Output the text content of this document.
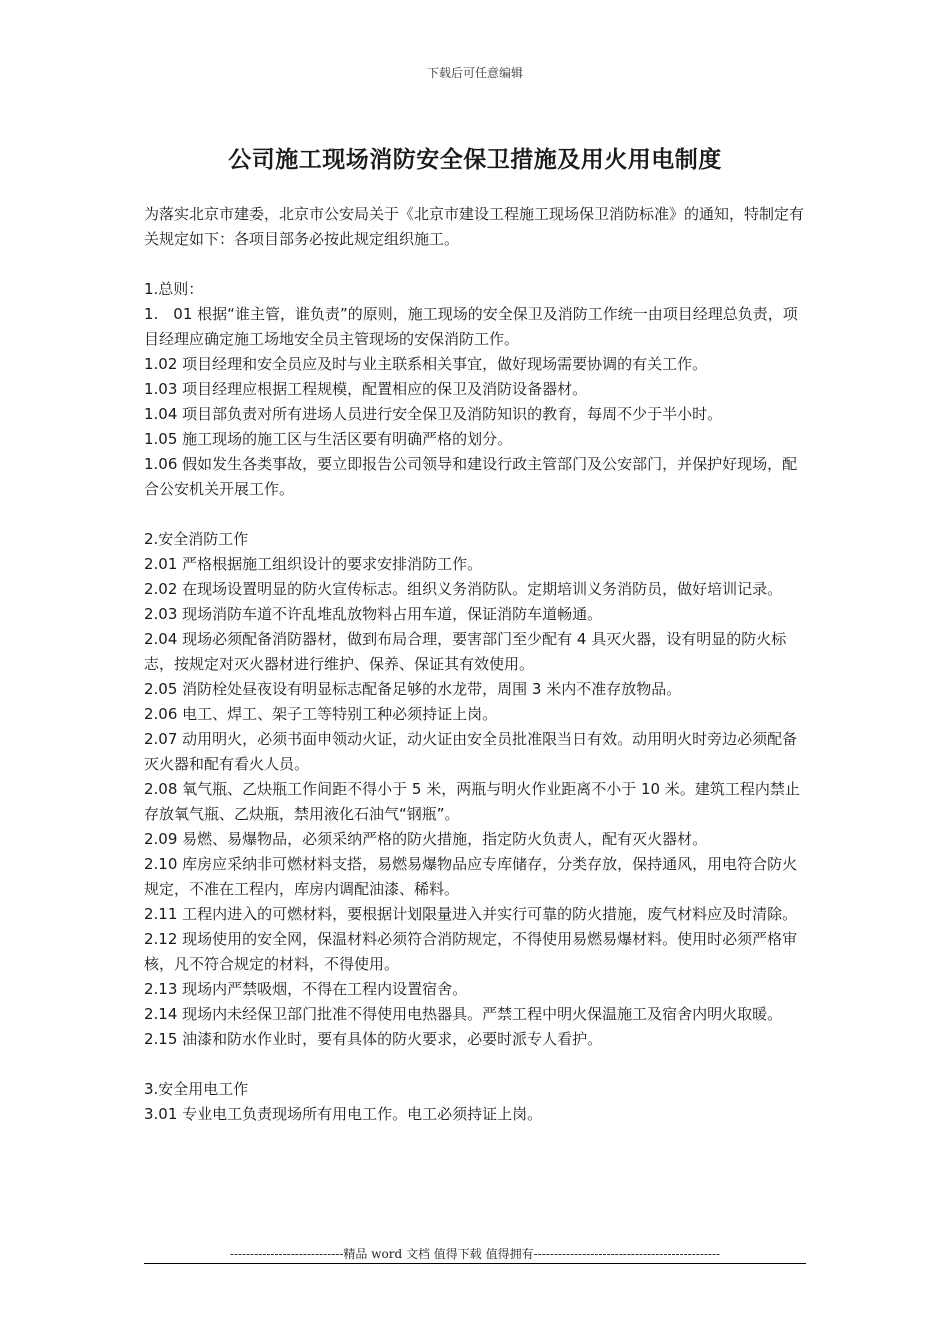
下载后可任意编辑
公司施工现场消防安全保卫措施及用火用电制度

为落实北京市建委，北京市公安局关于《北京市建设工程施工现场保卫消防标准》的通知，特制定有关规定如下：各项目部务必按此规定组织施工。

1.总则：

1.　01 根据“谁主管，谁负责”的原则，施工现场的安全保卫及消防工作统一由项目经理总负责，项目经理应确定施工场地安全员主管现场的安保消防工作。

1.02 项目经理和安全员应及时与业主联系相关事宜，做好现场需要协调的有关工作。

1.03 项目经理应根据工程规模，配置相应的保卫及消防设备器材。

1.04 项目部负责对所有进场人员进行安全保卫及消防知识的教育，每周不少于半小时。

1.05 施工现场的施工区与生活区要有明确严格的划分。

1.06 假如发生各类事故，要立即报告公司领导和建设行政主管部门及公安部门，并保护好现场，配合公安机关开展工作。

2.安全消防工作

2.01 严格根据施工组织设计的要求安排消防工作。

2.02 在现场设置明显的防火宣传标志。组织义务消防队。定期培训义务消防员，做好培训记录。

2.03 现场消防车道不许乱堆乱放物料占用车道，保证消防车道畅通。

2.04 现场必须配备消防器材，做到布局合理，要害部门至少配有 4 具灭火器，设有明显的防火标志，按规定对灭火器材进行维护、保养、保证其有效使用。

2.05 消防栓处昼夜设有明显标志配备足够的水龙带，周围 3 米内不准存放物品。

2.06 电工、焊工、架子工等特别工种必须持证上岗。

2.07 动用明火，必须书面申领动火证，动火证由安全员批准限当日有效。动用明火时旁边必须配备灭火器和配有看火人员。

2.08 氧气瓶、乙炔瓶工作间距不得小于 5 米，两瓶与明火作业距离不小于 10 米。建筑工程内禁止存放氧气瓶、乙炔瓶，禁用液化石油气“钢瓶”。

2.09 易燃、易爆物品，必须采纳严格的防火措施，指定防火负责人，配有灭火器材。

2.10 库房应采纳非可燃材料支搭，易燃易爆物品应专库储存，分类存放，保持通风，用电符合防火规定，不准在工程内，库房内调配油漆、稀料。

2.11 工程内进入的可燃材料，要根据计划限量进入并实行可靠的防火措施，废气材料应及时清除。

2.12 现场使用的安全网，保温材料必须符合消防规定，不得使用易燃易爆材料。使用时必须严格审核，凡不符合规定的材料，不得使用。

2.13 现场内严禁吸烟，不得在工程内设置宿舍。

2.14 现场内未经保卫部门批准不得使用电热器具。严禁工程中明火保温施工及宿舍内明火取暖。

2.15 油漆和防水作业时，要有具体的防火要求，必要时派专人看护。

3.安全用电工作

3.01 专业电工负责现场所有用电工作。电工必须持证上岗。

----------------------------精品 word 文档 值得下载 值得拥有----------------------------------------------
